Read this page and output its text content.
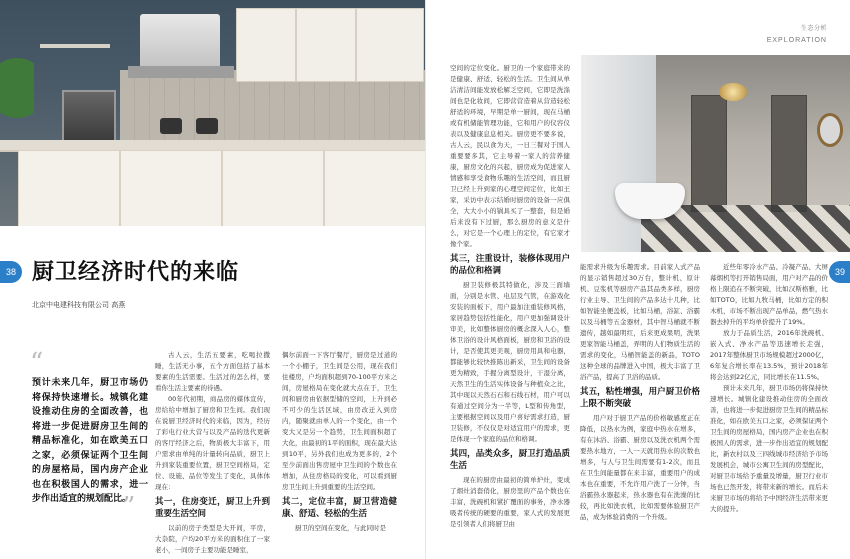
38 厨卫经济时代的来临
北京中电建科技有限公司 高燕
“
预计未来几年，厨卫市场仍将保持快速增长。城镇化建设推动住房的全面改善，也将进一步促进厨房卫生间的精品标准化，如在欧美五口之家，必须保证两个卫生间的房屋格局，国内房产企业也在积极国人的需求，进一步作出适宜的规划配比。
”

古人云，生活五要素，吃喝拉撒睡，生活无小事，五个方面包括了基本要素的生活需要。生活过的怎么样，要看你生活主要素的待遇。

00年代初期，商品房的媒体宣传，房给给中增加了厨房和卫生间。我们现在说厨卫经济时代的来临，因为，经历了彩电行业大营与以及产品的迭代更新的客厅经济之后，物质极大丰富下，用户需求由单纯的计量转向品质，厨卫上升到家装重要位置，厨卫空间格局，定位、设施、品位等发生了变化，具体体现在：

其一，住房变迁，厨卫上升到重要生活空间

以前的房子类型是大开间，平房，大杂院，户均20平方米的面积住了一家老小，一间房子主要功能是睡室，

偶尔前面一下客厅餐厅，厨房是过道的一个小棚子，卫生间是公用，现在我们住楼房，户均面积超到70-100平方米之间，房屋格局在变化就大点在于，卫生间和厨房由依据型储的空间，上升到必不可少的生活区域，由房改迁入到房内，随聚就由单人的一个变化，由一个变大又是另一个趋势，卫生间面积超了大化，由最初的1平的面积，现在最大达到10平，另外我们也成为更多的，2个至少前面出售房屋中卫生间的个数也在增加，从住房格局的变化，可以看到厨房卫生间上升到重要的生活空间。

其二，定位丰富，厨卫营造健康、舒适、轻松的生活

厨卫的空间在变化，与此同时是

生态分析
EXPLORATION
39

空间的定位变化。厨卫的一个家庭带来的是健康、舒适、轻松的生活。卫生间从单洁清洁间能发放松解乏空间，它即是洗涤间也是化妆间，它即营营造着从营造轻松舒适的环境，早期是单一厨间，现在马桶或有机储能管理功能，它和用户的仪容仪表以及健康息息相关。厨房更不要多说，古人云，民以食为天，一日三餐对于国人重要要多其，它主导着一家人的营养健康，厨房文化的兴起，厨房成为促进家人情感和享受食物乐趣的生活空间，而且厨卫已经上升到家的心理空间定位，比如王家，采访中表示结婚时厨房的设备一应俱全，大大小小的锅具买了一整套，但是婚后来没有下过厨，那么厨房的意义是什么，对它是一个心理上的定位，有它家才像个家。

其三，注重设计，装修体现用户的品位和格调

厨卫装修极其特做化，涉及三面墙面，分别是水管、电层及气管，在游戏化安装的面板下，用户最加注重装修风格，家居趋势包括性能化，用户更加强调设计审美，比如整体厨房的概念深入人心，整体卫浴的设计风格面板，厨房和卫浴的设计，是否使其更美观，厨房用具和电器，都能够比较快推陈出新采，卫生间的设备更为精致，手握分离型设计，干湿分离，天然卫生的生活实体设备与种植众之比，其中现以天然石石和石线石材，用户可以有通过空间分为一半等，L型和传角型，主要根据空间以及用户喜好需求打造，厨卫装修，不仅仅是对适宜用户的需求，更是体现一个家庭的品位和格调。

其四，品类众多，厨卫打造品质生活

现在的厨房由最初的简单炉灶，变成了烟灶消套俏化，厨房里的产品个数也在丰富，洗碗机和紧扩覆面的事务，净水器吸者传统的硬要的重要，家人式的发展更是引领者人们将厨卫由

能需求升级为乐趣需求。目前家人式产品的显示销售超过30万台，整计机、原计机、豆浆机等厨房产品其品类多样，厨房行业主导、卫生间的产品多达十几种，比如智能坐便盖板，比如马桶，浴缸、浴霸以及马桶等五金器材，其中智马桶就不断遗传，越如最明红，后来更成果明，洗果更家智能马桶盖，弄明的人们物质生活的需求的变化，马桶智能盖的新品，TOTO这种全球的品牌进入中国，极大丰富了卫浴产品，提高了卫浴的品质。

其五，粘性增强，用户厨卫价格上限不断突破

用户对于厨卫产品的价格敏感度正在降低，以热水为例，家庭中热水在增多，有在沐浴、浴霸、厨房以及洗衣机两个需要热水地方，一人一天就用热水的次数也增多，与人与卫生间需要有1-2次，而且在卫生间能量都在来丰富，重要用户的成本也在重要，不允许用户洗了一分钟，当浴霸热水器起来，热水器也有在洗澡的比较，再比如洗衣机，比如需要体验厨卫产品，成为体验消费的一个升级。

近些年零冷水产品、冷凝产品、大屏幕烟机等打开销售局面，用户对产品的价格上限追在不断突破，比如汉斯格雅，比如TOTO，比如九牧马桶，比如方定的积木机，市场不断出现产品单品，燃气热水器去掉升的平均单价提升了19%。

放力于品质生活，2016年洗碗机、嵌入式、净水产品等迅速增长走强，2017年整体厨卫市场规模超过2000亿，6年复合增长率在13.5%，预计2018年将会达到22亿元，同比增长在11.5%。

预计未来几年，厨卫市场仍将保持快速增长。城镇化建设推动住房的全面改善，也将进一步促进厨房卫生间的精品标准化，如在欧美五口之家，必须保证两个卫生间的房屋格局，国内房产企业也在积极国人的需求，进一步作出适宜的规划配比，新农村以及三四线城市经济给予市场发展机会，城市公寓卫生间的房型配比，对厨卫市场给予重量及增量，厨卫行业市场也已然开发，将带来新的增长。而后未来厨卫市场的将给予中国经济生活带来更大的提升。
